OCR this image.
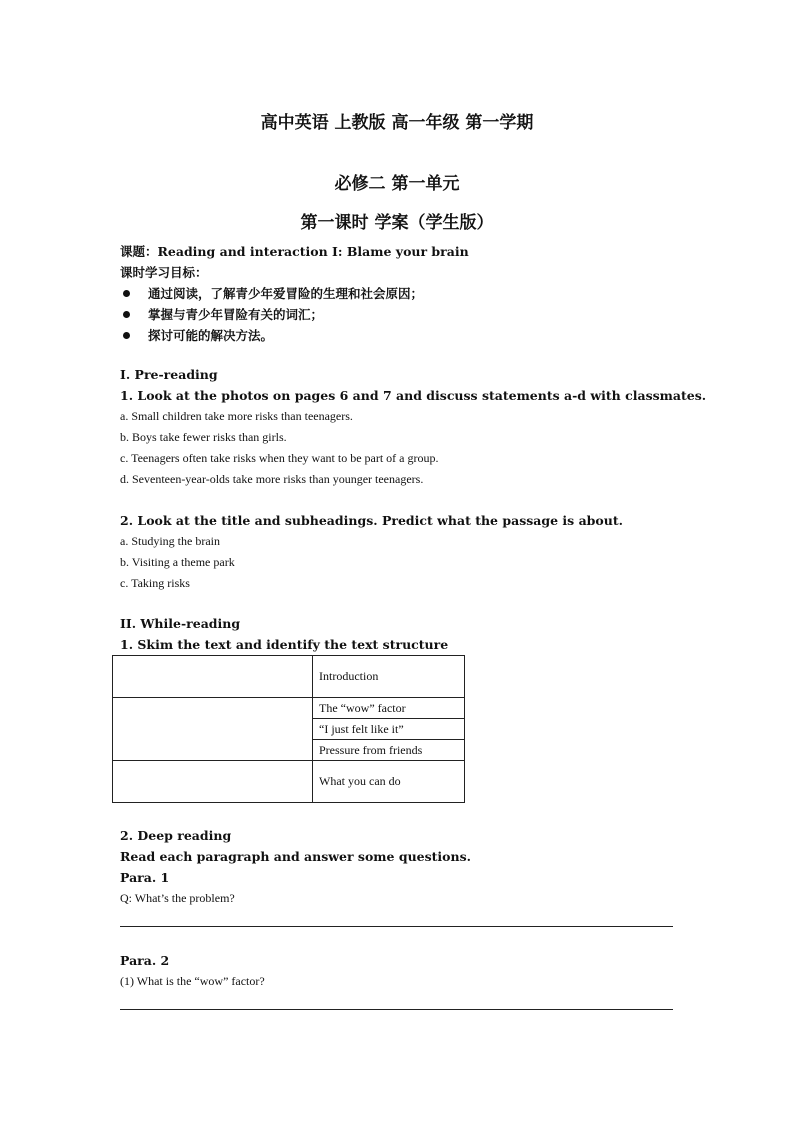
高中英语 上教版 高一年级 第一学期
必修二 第一单元
第一课时 学案（学生版）
课题：Reading and interaction I: Blame your brain
课时学习目标：
通过阅读，了解青少年爱冒险的生理和社会原因；
掌握与青少年冒险有关的词汇；
探讨可能的解决方法。
I. Pre-reading
1. Look at the photos on pages 6 and 7 and discuss statements a-d with classmates.
a. Small children take more risks than teenagers.
b. Boys take fewer risks than girls.
c. Teenagers often take risks when they want to be part of a group.
d. Seventeen-year-olds take more risks than younger teenagers.
2. Look at the title and subheadings. Predict what the passage is about.
a. Studying the brain
b. Visiting a theme park
c. Taking risks
II. While-reading
1. Skim the text and identify the text structure
	Introduction
	The “wow” factor
	“I just felt like it”
	Pressure from friends
	What you can do
2. Deep reading
Read each paragraph and answer some questions.
Para. 1
Q: What’s the problem?
Para. 2
(1) What is the “wow” factor?
